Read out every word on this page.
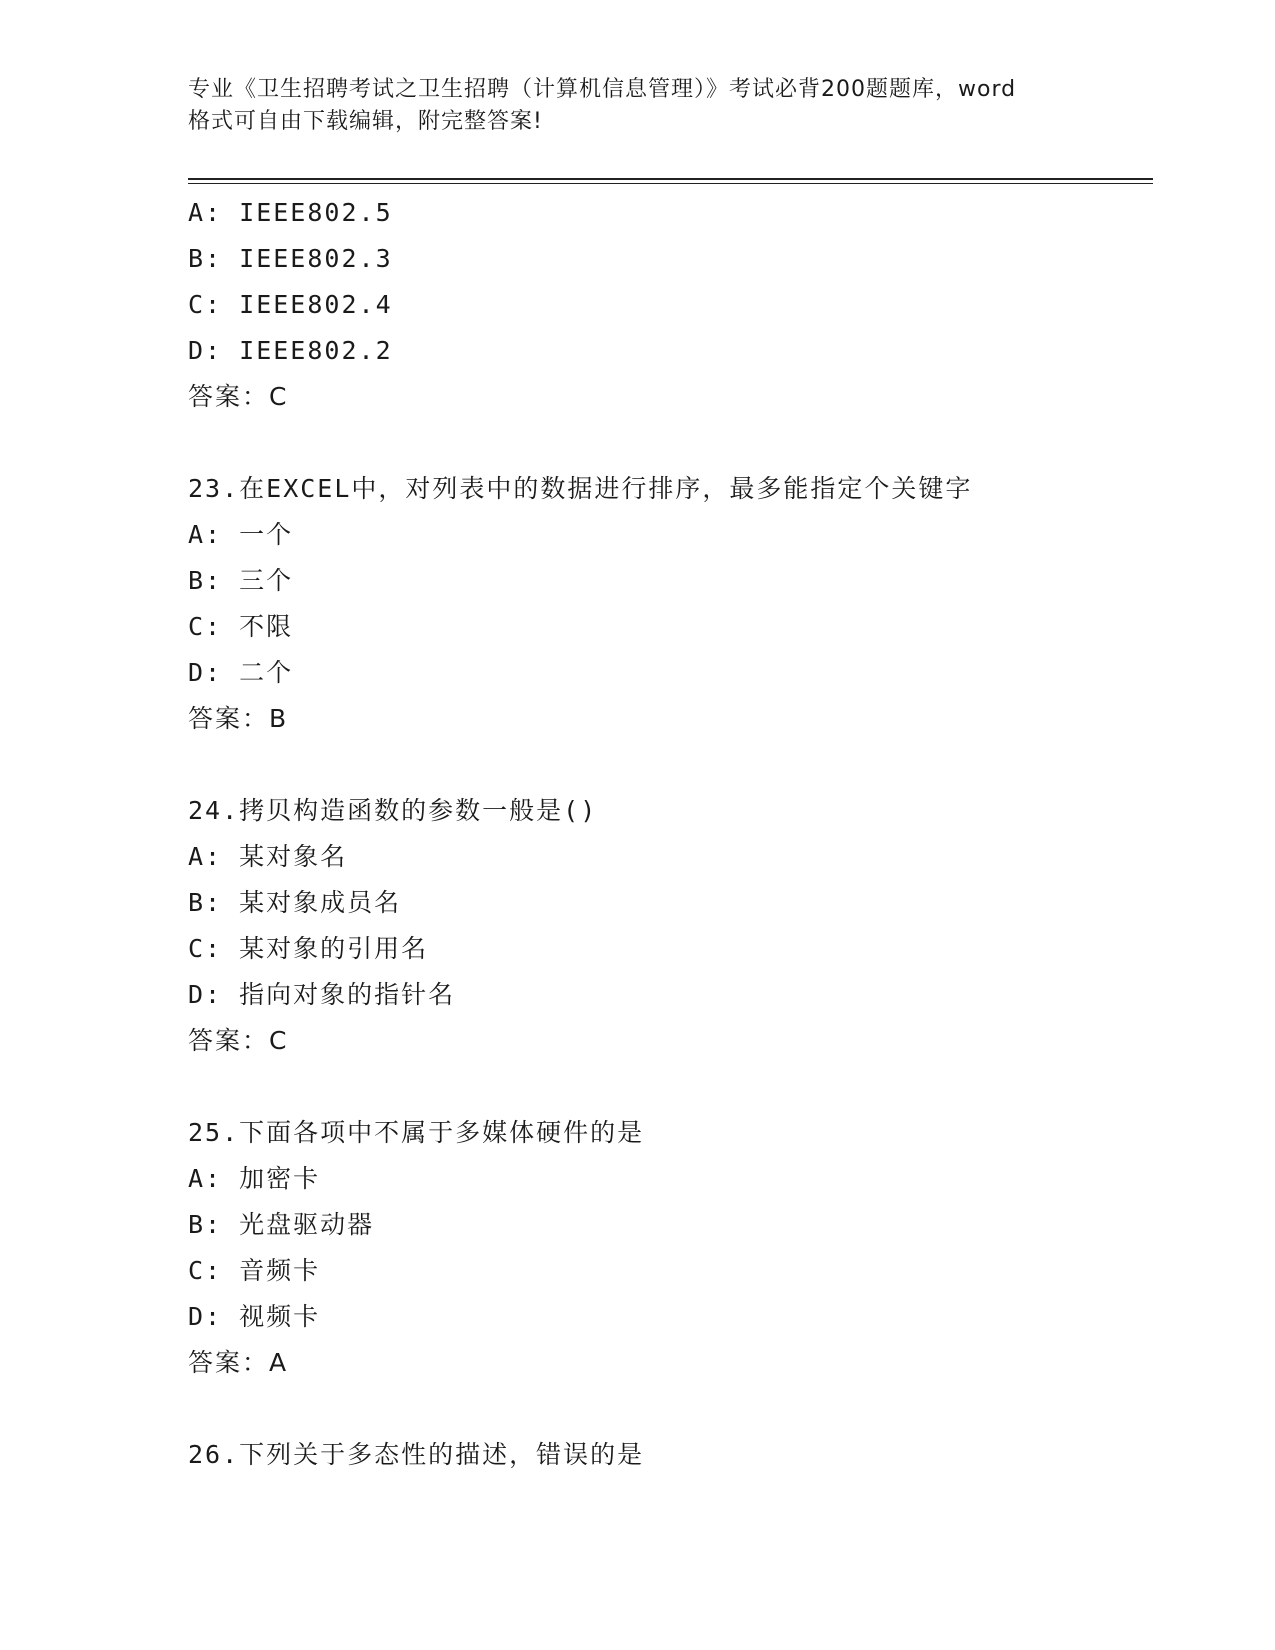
专业《卫生招聘考试之卫生招聘（计算机信息管理）》考试必背200题题库，word
格式可自由下载编辑，附完整答案!
A: IEEE802.5
B: IEEE802.3
C: IEEE802.4
D: IEEE802.2
答案：C
23.在EXCEL中，对列表中的数据进行排序，最多能指定个关键字
A: 一个
B: 三个
C: 不限
D: 二个
答案：B
24.拷贝构造函数的参数一般是()
A: 某对象名
B: 某对象成员名
C: 某对象的引用名
D: 指向对象的指针名
答案：C
25.下面各项中不属于多媒体硬件的是
A: 加密卡
B: 光盘驱动器
C: 音频卡
D: 视频卡
答案：A
26.下列关于多态性的描述，错误的是
